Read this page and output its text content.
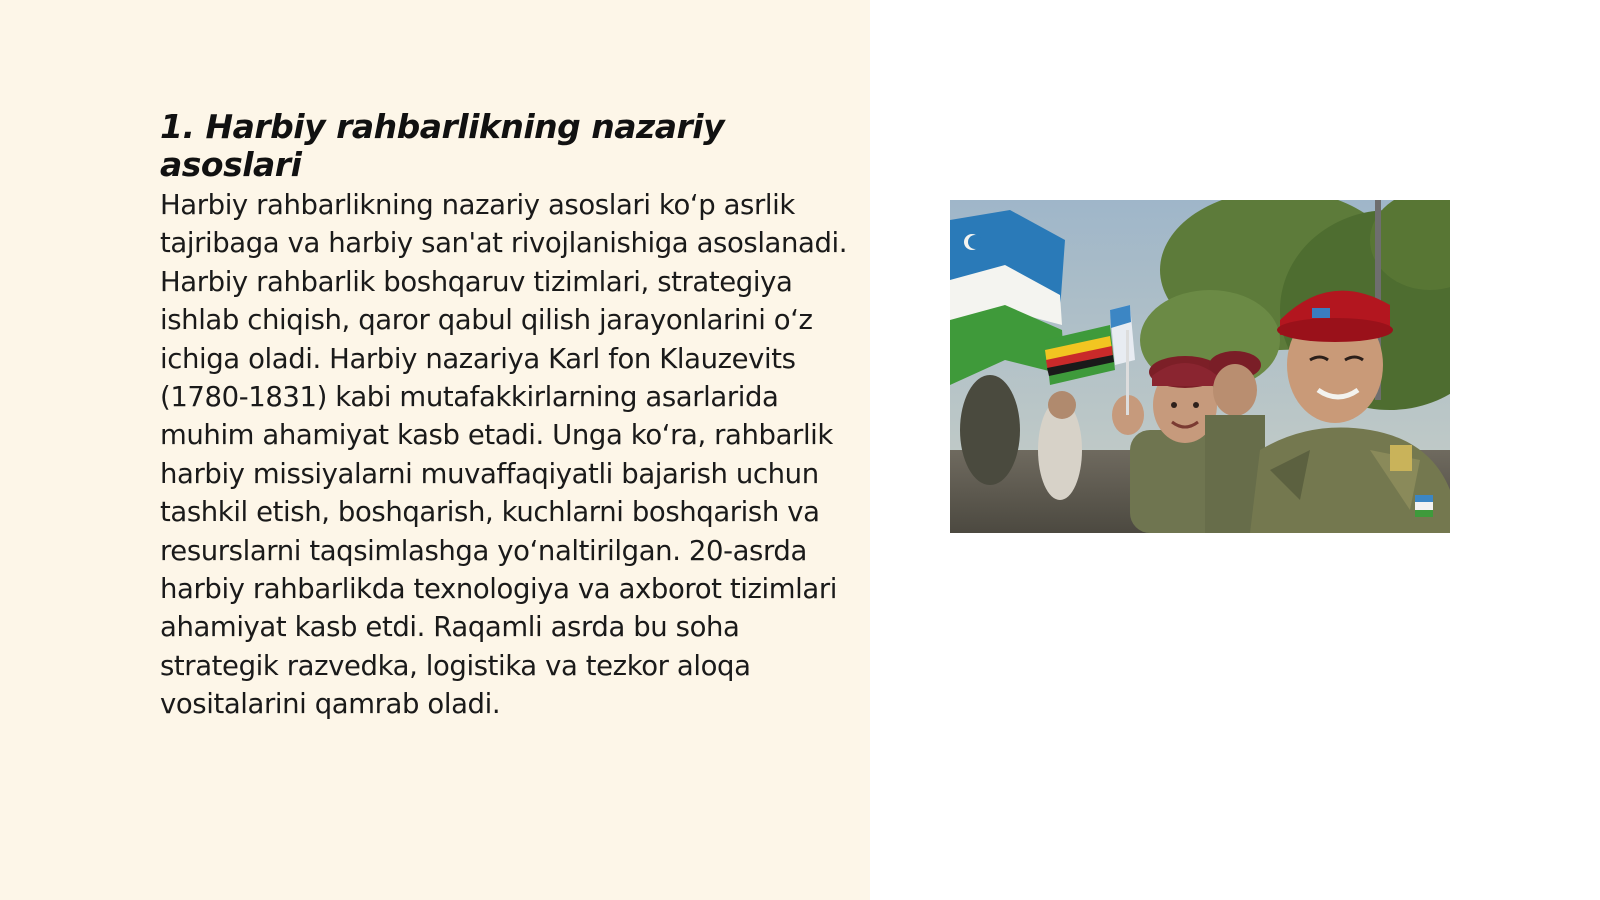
1. Harbiy rahbarlikning nazariy asoslari

Harbiy rahbarlikning nazariy asoslari ko‘p asrlik tajribaga va harbiy san'at rivojlanishiga asoslanadi. Harbiy rahbarlik boshqaruv tizimlari, strategiya ishlab chiqish, qaror qabul qilish jarayonlarini o‘z ichiga oladi. Harbiy nazariya Karl fon Klauzevits (1780-1831) kabi mutafakkirlarning asarlarida muhim ahamiyat kasb etadi. Unga ko‘ra, rahbarlik harbiy missiyalarni muvaffaqiyatli bajarish uchun tashkil etish, boshqarish, kuchlarni boshqarish va resurslarni taqsimlashga yo‘naltirilgan. 20-asrda harbiy rahbarlikda texnologiya va axborot tizimlari ahamiyat kasb etdi. Raqamli asrda bu soha strategik razvedka, logistika va tezkor aloqa vositalarini qamrab oladi.
